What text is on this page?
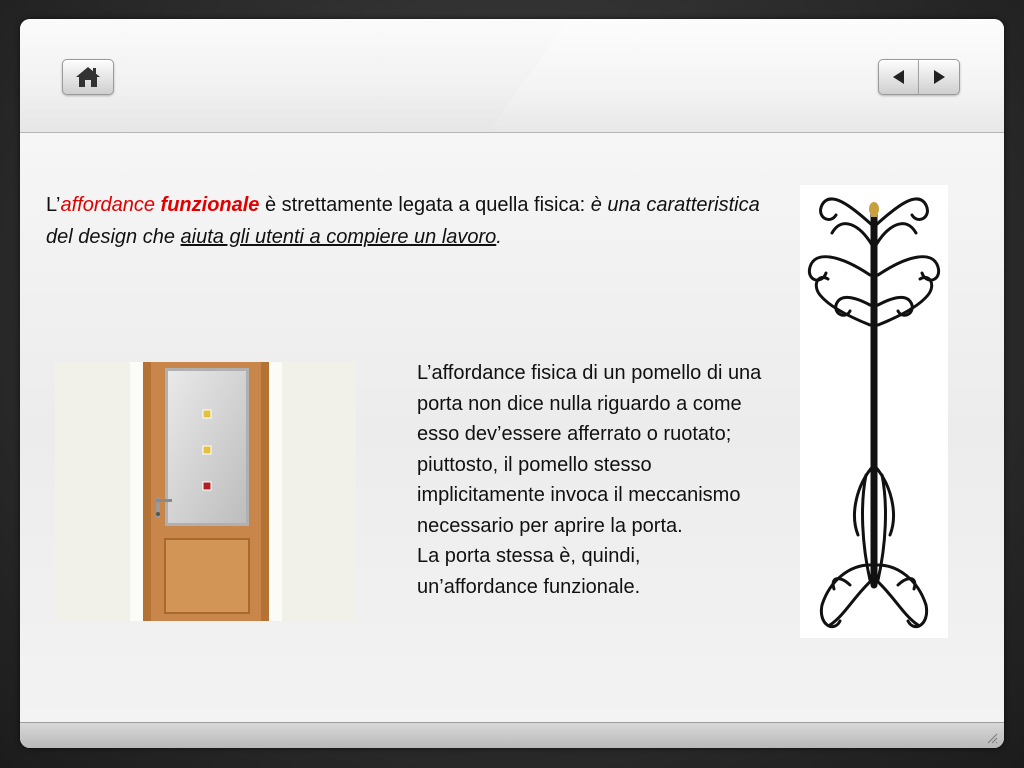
L’affordance funzionale è strettamente legata a quella fisica: è una caratteristica del design che aiuta gli utenti a compiere un lavoro.

L’affordance fisica di un pomello di una porta non dice nulla riguardo a come

esso dev’essere afferrato o ruotato; piuttosto, il pomello stesso implicitamente invoca il meccanismo necessario per aprire la porta.

La porta stessa è, quindi, un’affordance funzionale.
